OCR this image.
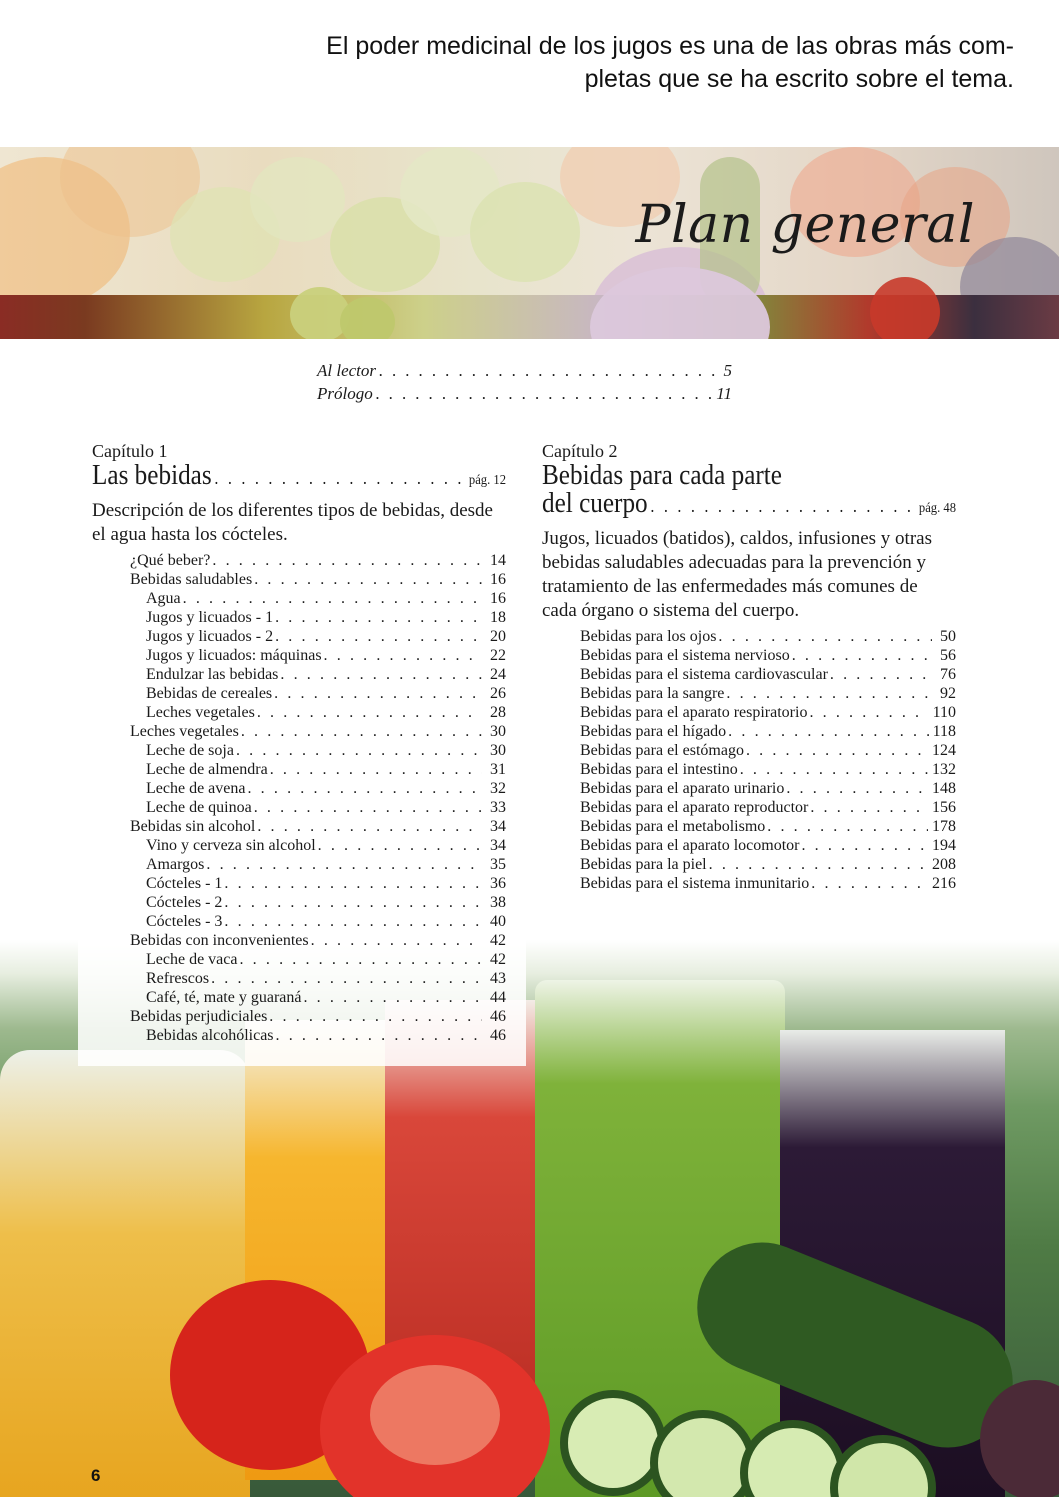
El poder medicinal de los jugos es una de las obras más com-
pletas que se ha escrito sobre el tema.
Plan general
Al lector . . .	5
Prólogo . . .	11
Capítulo 1
Las bebidas . . .	pág. 12
Descripción de los diferentes tipos de bebidas, desde el agua hasta los cócteles.
¿Qué beber? . . .	14
Bebidas saludables . . .	16
Agua . . .	16
Jugos y licuados - 1 . . .	18
Jugos y licuados - 2 . . .	20
Jugos y licuados: máquinas . . .	22
Endulzar las bebidas . . .	24
Bebidas de cereales . . .	26
Leches vegetales . . .	28
Leches vegetales . . .	30
Leche de soja . . .	30
Leche de almendra . . .	31
Leche de avena . . .	32
Leche de quinoa . . .	33
Bebidas sin alcohol . . .	34
Vino y cerveza sin alcohol . . .	34
Amargos . . .	35
Cócteles - 1 . . .	36
Cócteles - 2 . . .	38
Cócteles - 3 . . .	40
Bebidas con inconvenientes . . .	42
Leche de vaca . . .	42
Refrescos . . .	43
Café, té, mate y guaraná . . .	44
Bebidas perjudiciales . . .	46
Bebidas alcohólicas . . .	46
Capítulo 2
Bebidas para cada parte
del cuerpo . . .	pág. 48
Jugos, licuados (batidos), caldos, infusiones y otras bebidas saludables adecuadas para la prevención y tratamiento de las enfermedades más comunes de cada órgano o sistema del cuerpo.
Bebidas para los ojos . . .	50
Bebidas para el sistema nervioso . . .	56
Bebidas para el sistema cardiovascular . . .	76
Bebidas para la sangre . . .	92
Bebidas para el aparato respiratorio . . .	110
Bebidas para el hígado . . .	118
Bebidas para el estómago . . .	124
Bebidas para el intestino . . .	132
Bebidas para el aparato urinario . . .	148
Bebidas para el aparato reproductor . . .	156
Bebidas para el metabolismo . . .	178
Bebidas para el aparato locomotor . . .	194
Bebidas para la piel . . .	208
Bebidas para el sistema inmunitario . . .	216
6
